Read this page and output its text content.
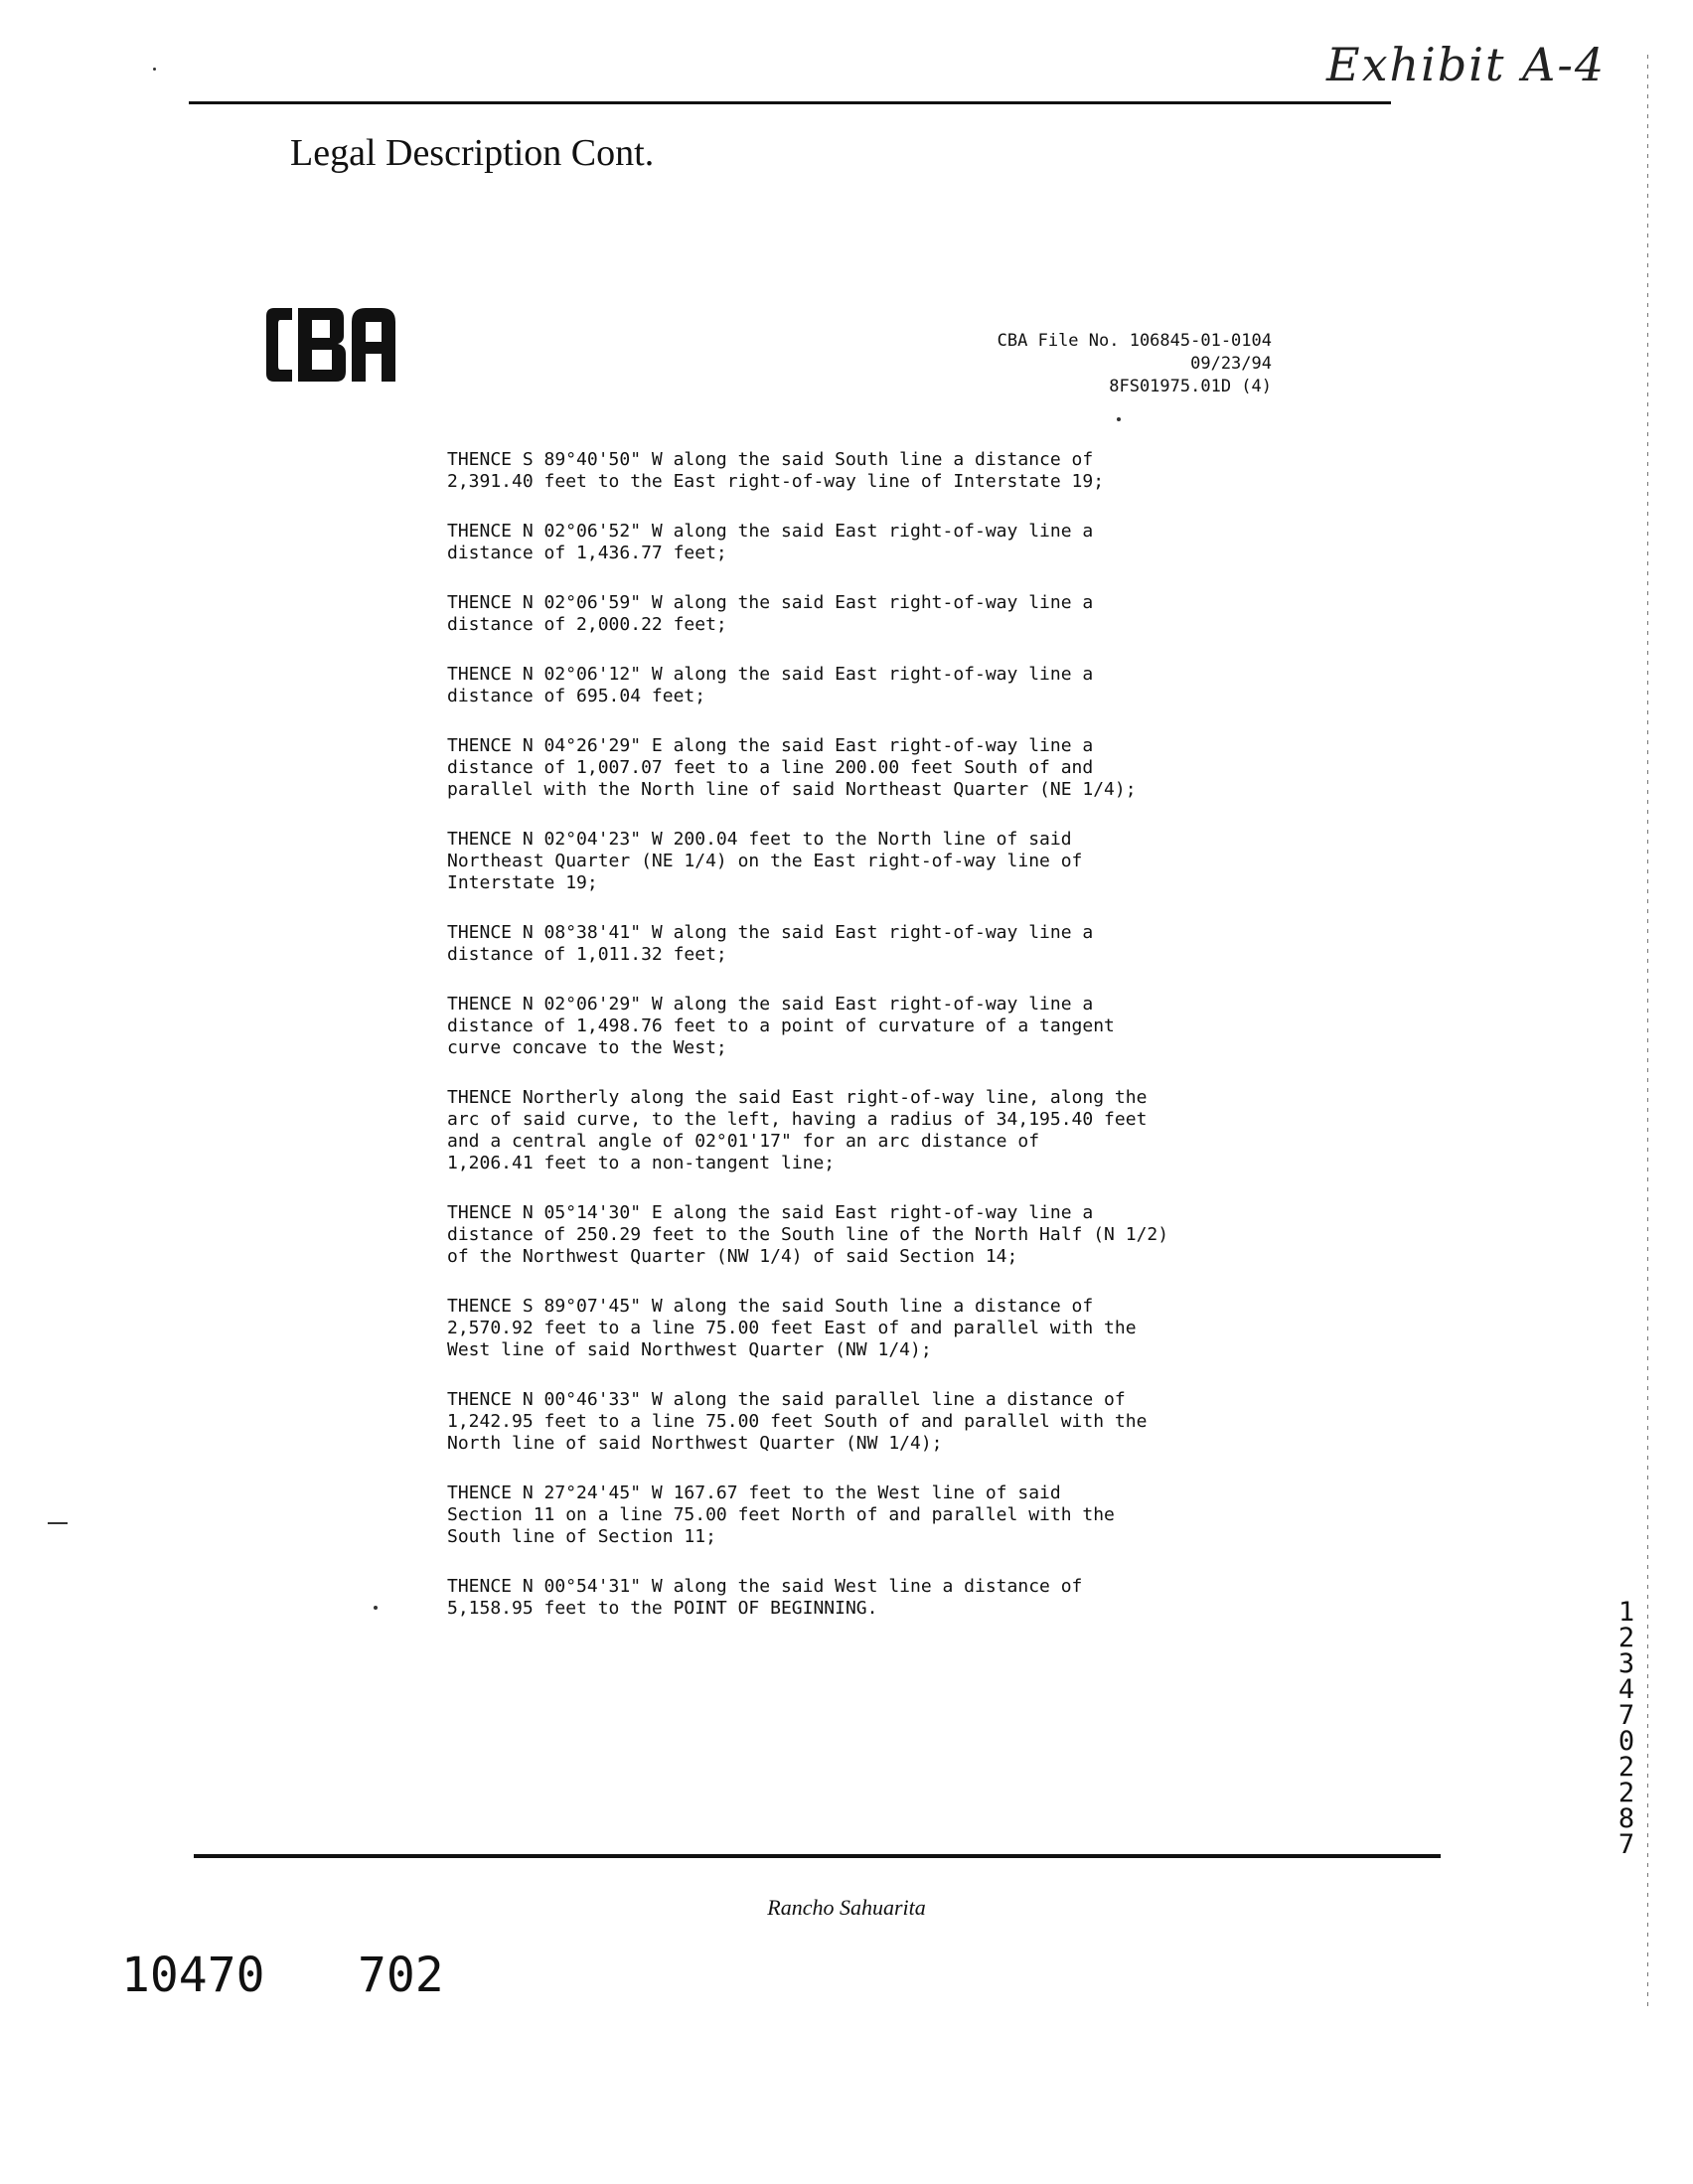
Exhibit A-4
Legal Description Cont.
CBA File No. 106845-01-0104
09/23/94
8FS01975.01D (4)

THENCE S 89°40'50" W along the said South line a distance of
2,391.40 feet to the East right-of-way line of Interstate 19;

THENCE N 02°06'52" W along the said East right-of-way line a
distance of 1,436.77 feet;

THENCE N 02°06'59" W along the said East right-of-way line a
distance of 2,000.22 feet;

THENCE N 02°06'12" W along the said East right-of-way line a
distance of 695.04 feet;

THENCE N 04°26'29" E along the said East right-of-way line a
distance of 1,007.07 feet to a line 200.00 feet South of and
parallel with the North line of said Northeast Quarter (NE 1/4);

THENCE N 02°04'23" W 200.04 feet to the North line of said
Northeast Quarter (NE 1/4) on the East right-of-way line of
Interstate 19;

THENCE N 08°38'41" W along the said East right-of-way line a
distance of 1,011.32 feet;

THENCE N 02°06'29" W along the said East right-of-way line a
distance of 1,498.76 feet to a point of curvature of a tangent
curve concave to the West;

THENCE Northerly along the said East right-of-way line, along the
arc of said curve, to the left, having a radius of 34,195.40 feet
and a central angle of 02°01'17" for an arc distance of
1,206.41 feet to a non-tangent line;

THENCE N 05°14'30" E along the said East right-of-way line a
distance of 250.29 feet to the South line of the North Half (N 1/2)
of the Northwest Quarter (NW 1/4) of said Section 14;

THENCE S 89°07'45" W along the said South line a distance of
2,570.92 feet to a line 75.00 feet East of and parallel with the
West line of said Northwest Quarter (NW 1/4);

THENCE N 00°46'33" W along the said parallel line a distance of
1,242.95 feet to a line 75.00 feet South of and parallel with the
North line of said Northwest Quarter (NW 1/4);

THENCE N 27°24'45" W 167.67 feet to the West line of said
Section 11 on a line 75.00 feet North of and parallel with the
South line of Section 11;

THENCE N 00°54'31" W along the said West line a distance of
5,158.95 feet to the POINT OF BEGINNING.

Rancho Sahuarita
10470 702
12347 02287
